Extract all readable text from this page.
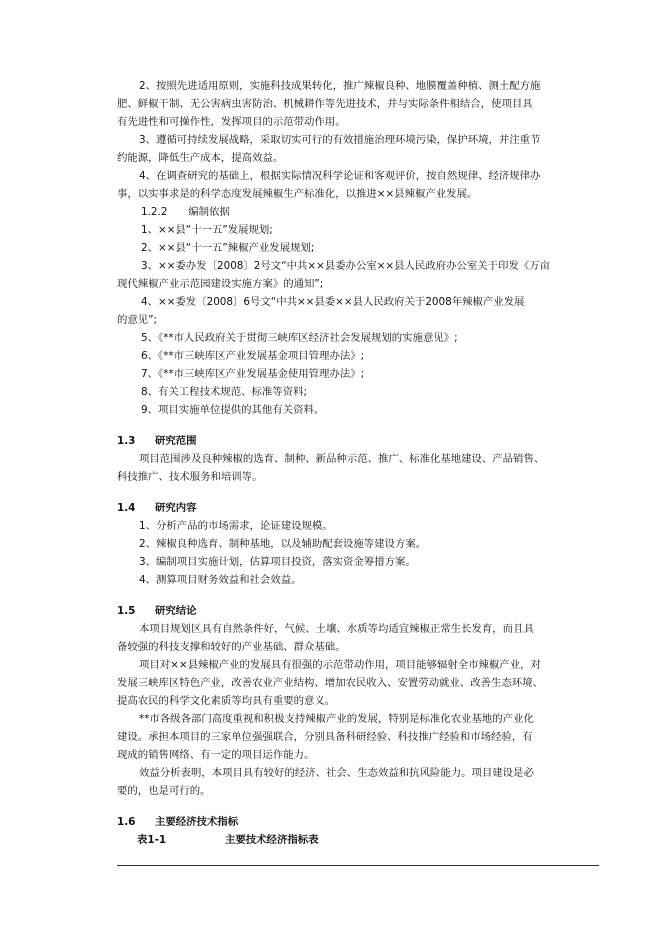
2、按照先进适用原则，实施科技成果转化，推广辣椒良种、地膜覆盖种植、测土配方施
肥、鲜椒干制、无公害病虫害防治、机械耕作等先进技术，并与实际条件相结合，使项目具
有先进性和可操作性，发挥项目的示范带动作用。
3、遵循可持续发展战略，采取切实可行的有效措施治理环境污染，保护环境，并注重节
约能源，降低生产成本，提高效益。
4、在调查研究的基础上，根据实际情况科学论证和客观评价，按自然规律、经济规律办
事，以实事求是的科学态度发展辣椒生产标准化，以推进××县辣椒产业发展。
1.2.2　　编制依据
1、××县“十一五”发展规划;
2、××县“十一五”辣椒产业发展规划;
3、××委办发〔2008〕2号文“中共××县委办公室××县人民政府办公室关于印发《万亩
现代辣椒产业示范园建设实施方案》的通知”;
4、××委发〔2008〕6号文“中共××县委××县人民政府关于2008年辣椒产业发展
的意见”;
5、《**市人民政府关于贯彻三峡库区经济社会发展规划的实施意见》;
6、《**市三峡库区产业发展基金项目管理办法》;
7、《**市三峡库区产业发展基金使用管理办法》;
8、有关工程技术规范、标准等资料;
9、项目实施单位提供的其他有关资料。
1.3 研究范围
项目范围涉及良种辣椒的选育、制种、新品种示范、推广、标准化基地建设、产品销售、
科技推广、技术服务和培训等。
1.4 研究内容
1、分析产品的市场需求，论证建设规模。
2、辣椒良种选育、制种基地，以及辅助配套设施等建设方案。
3、编制项目实施计划，估算项目投资，落实资金筹措方案。
4、测算项目财务效益和社会效益。
1.5 研究结论
本项目规划区具有自然条件好，气候、土壤、水质等均适宜辣椒正常生长发育，而且具
备较强的科技支撑和较好的产业基础、群众基础。
项目对××县辣椒产业的发展具有很强的示范带动作用，项目能够辐射全市辣椒产业，对
发展三峡库区特色产业，改善农业产业结构、增加农民收入、安置劳动就业、改善生态环境、
提高农民的科学文化素质等均具有重要的意义。
**市各级各部门高度重视和积极支持辣椒产业的发展，特别是标准化农业基地的产业化
建设。承担本项目的三家单位强强联合，分别具备科研经验、科技推广经验和市场经验，有
现成的销售网络、有一定的项目运作能力。
效益分析表明，本项目具有较好的经济、社会、生态效益和抗风险能力。项目建设是必
要的，也是可行的。
1.6 主要经济技术指标
表1-1	主要技术经济指标表
